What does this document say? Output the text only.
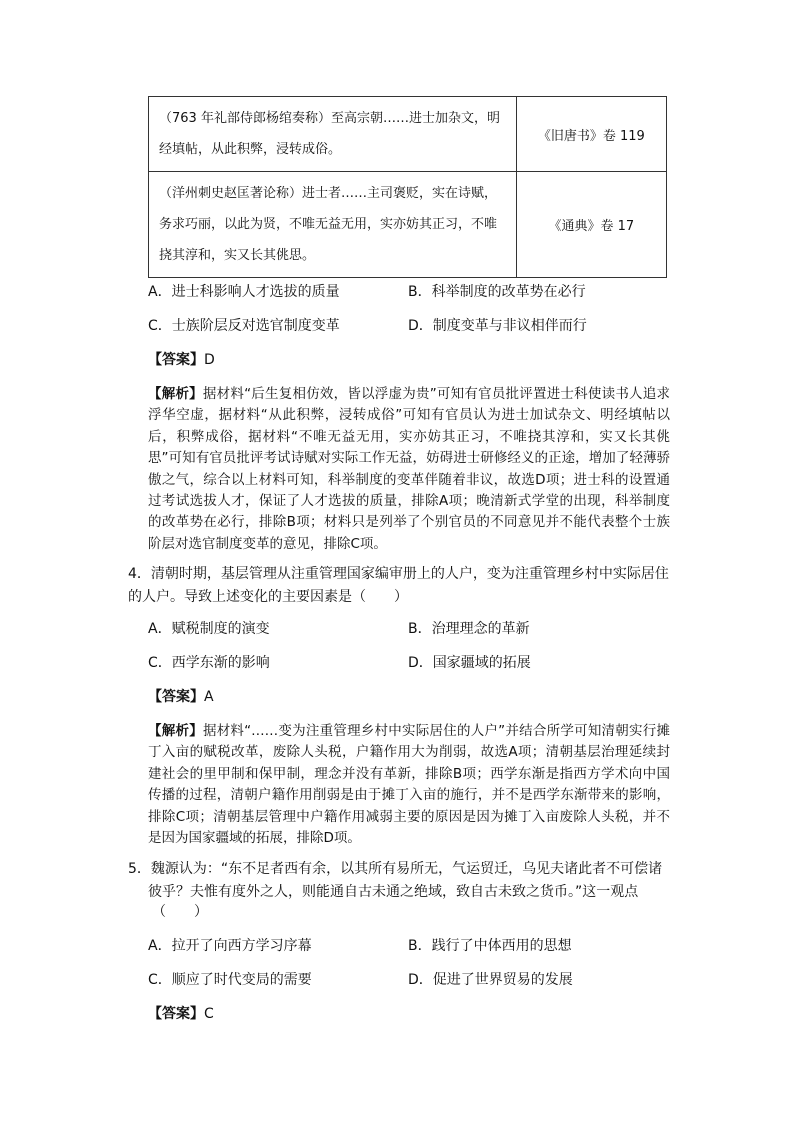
（763 年礼部侍郎杨绾奏称）至高宗朝……进士加杂文，明经填帖，从此积弊，浸转成俗。	《旧唐书》卷 119
（洋州刺史赵匡著论称）进士者……主司褒贬，实在诗赋，务求巧丽，以此为贤，不唯无益无用，实亦妨其正习，不唯挠其淳和，实又长其佻思。	《通典》卷 17
A．进士科影响人才选拔的质量	B．科举制度的改革势在必行
C．士族阶层反对选官制度变革	D．制度变革与非议相伴而行
【答案】D
【解析】据材料“后生复相仿效，皆以浮虚为贵”可知有官员批评置进士科使读书人追求浮华空虚，据材料“从此积弊，浸转成俗”可知有官员认为进士加试杂文、明经填帖以后，积弊成俗，据材料“不唯无益无用，实亦妨其正习，不唯挠其淳和，实又长其佻思”可知有官员批评考试诗赋对实际工作无益，妨碍进士研修经义的正途，增加了轻薄骄傲之气，综合以上材料可知，科举制度的变革伴随着非议，故选D项；进士科的设置通过考试选拔人才，保证了人才选拔的质量，排除A项；晚清新式学堂的出现，科举制度的改革势在必行，排除B项；材料只是列举了个别官员的不同意见并不能代表整个士族阶层对选官制度变革的意见，排除C项。
4．清朝时期，基层管理从注重管理国家编审册上的人户，变为注重管理乡村中实际居住的人户。导致上述变化的主要因素是（　　）
A．赋税制度的演变	B．治理理念的革新
C．西学东渐的影响	D．国家疆域的拓展
【答案】A
【解析】据材料“……变为注重管理乡村中实际居住的人户”并结合所学可知清朝实行摊丁入亩的赋税改革，废除人头税，户籍作用大为削弱，故选A项；清朝基层治理延续封建社会的里甲制和保甲制，理念并没有革新，排除B项；西学东渐是指西方学术向中国传播的过程，清朝户籍作用削弱是由于摊丁入亩的施行，并不是西学东渐带来的影响，排除C项；清朝基层管理中户籍作用减弱主要的原因是因为摊丁入亩废除人头税，并不是因为国家疆域的拓展，排除D项。
5．魏源认为：“东不足者西有余，以其所有易所无，气运贸迁，乌见夫诸此者不可偿诸
彼乎？夫惟有度外之人，则能通自古未通之绝域，致自古未致之货币。”这一观点
（　　）
A．拉开了向西方学习序幕	B．践行了中体西用的思想
C．顺应了时代变局的需要	D．促进了世界贸易的发展
【答案】C
